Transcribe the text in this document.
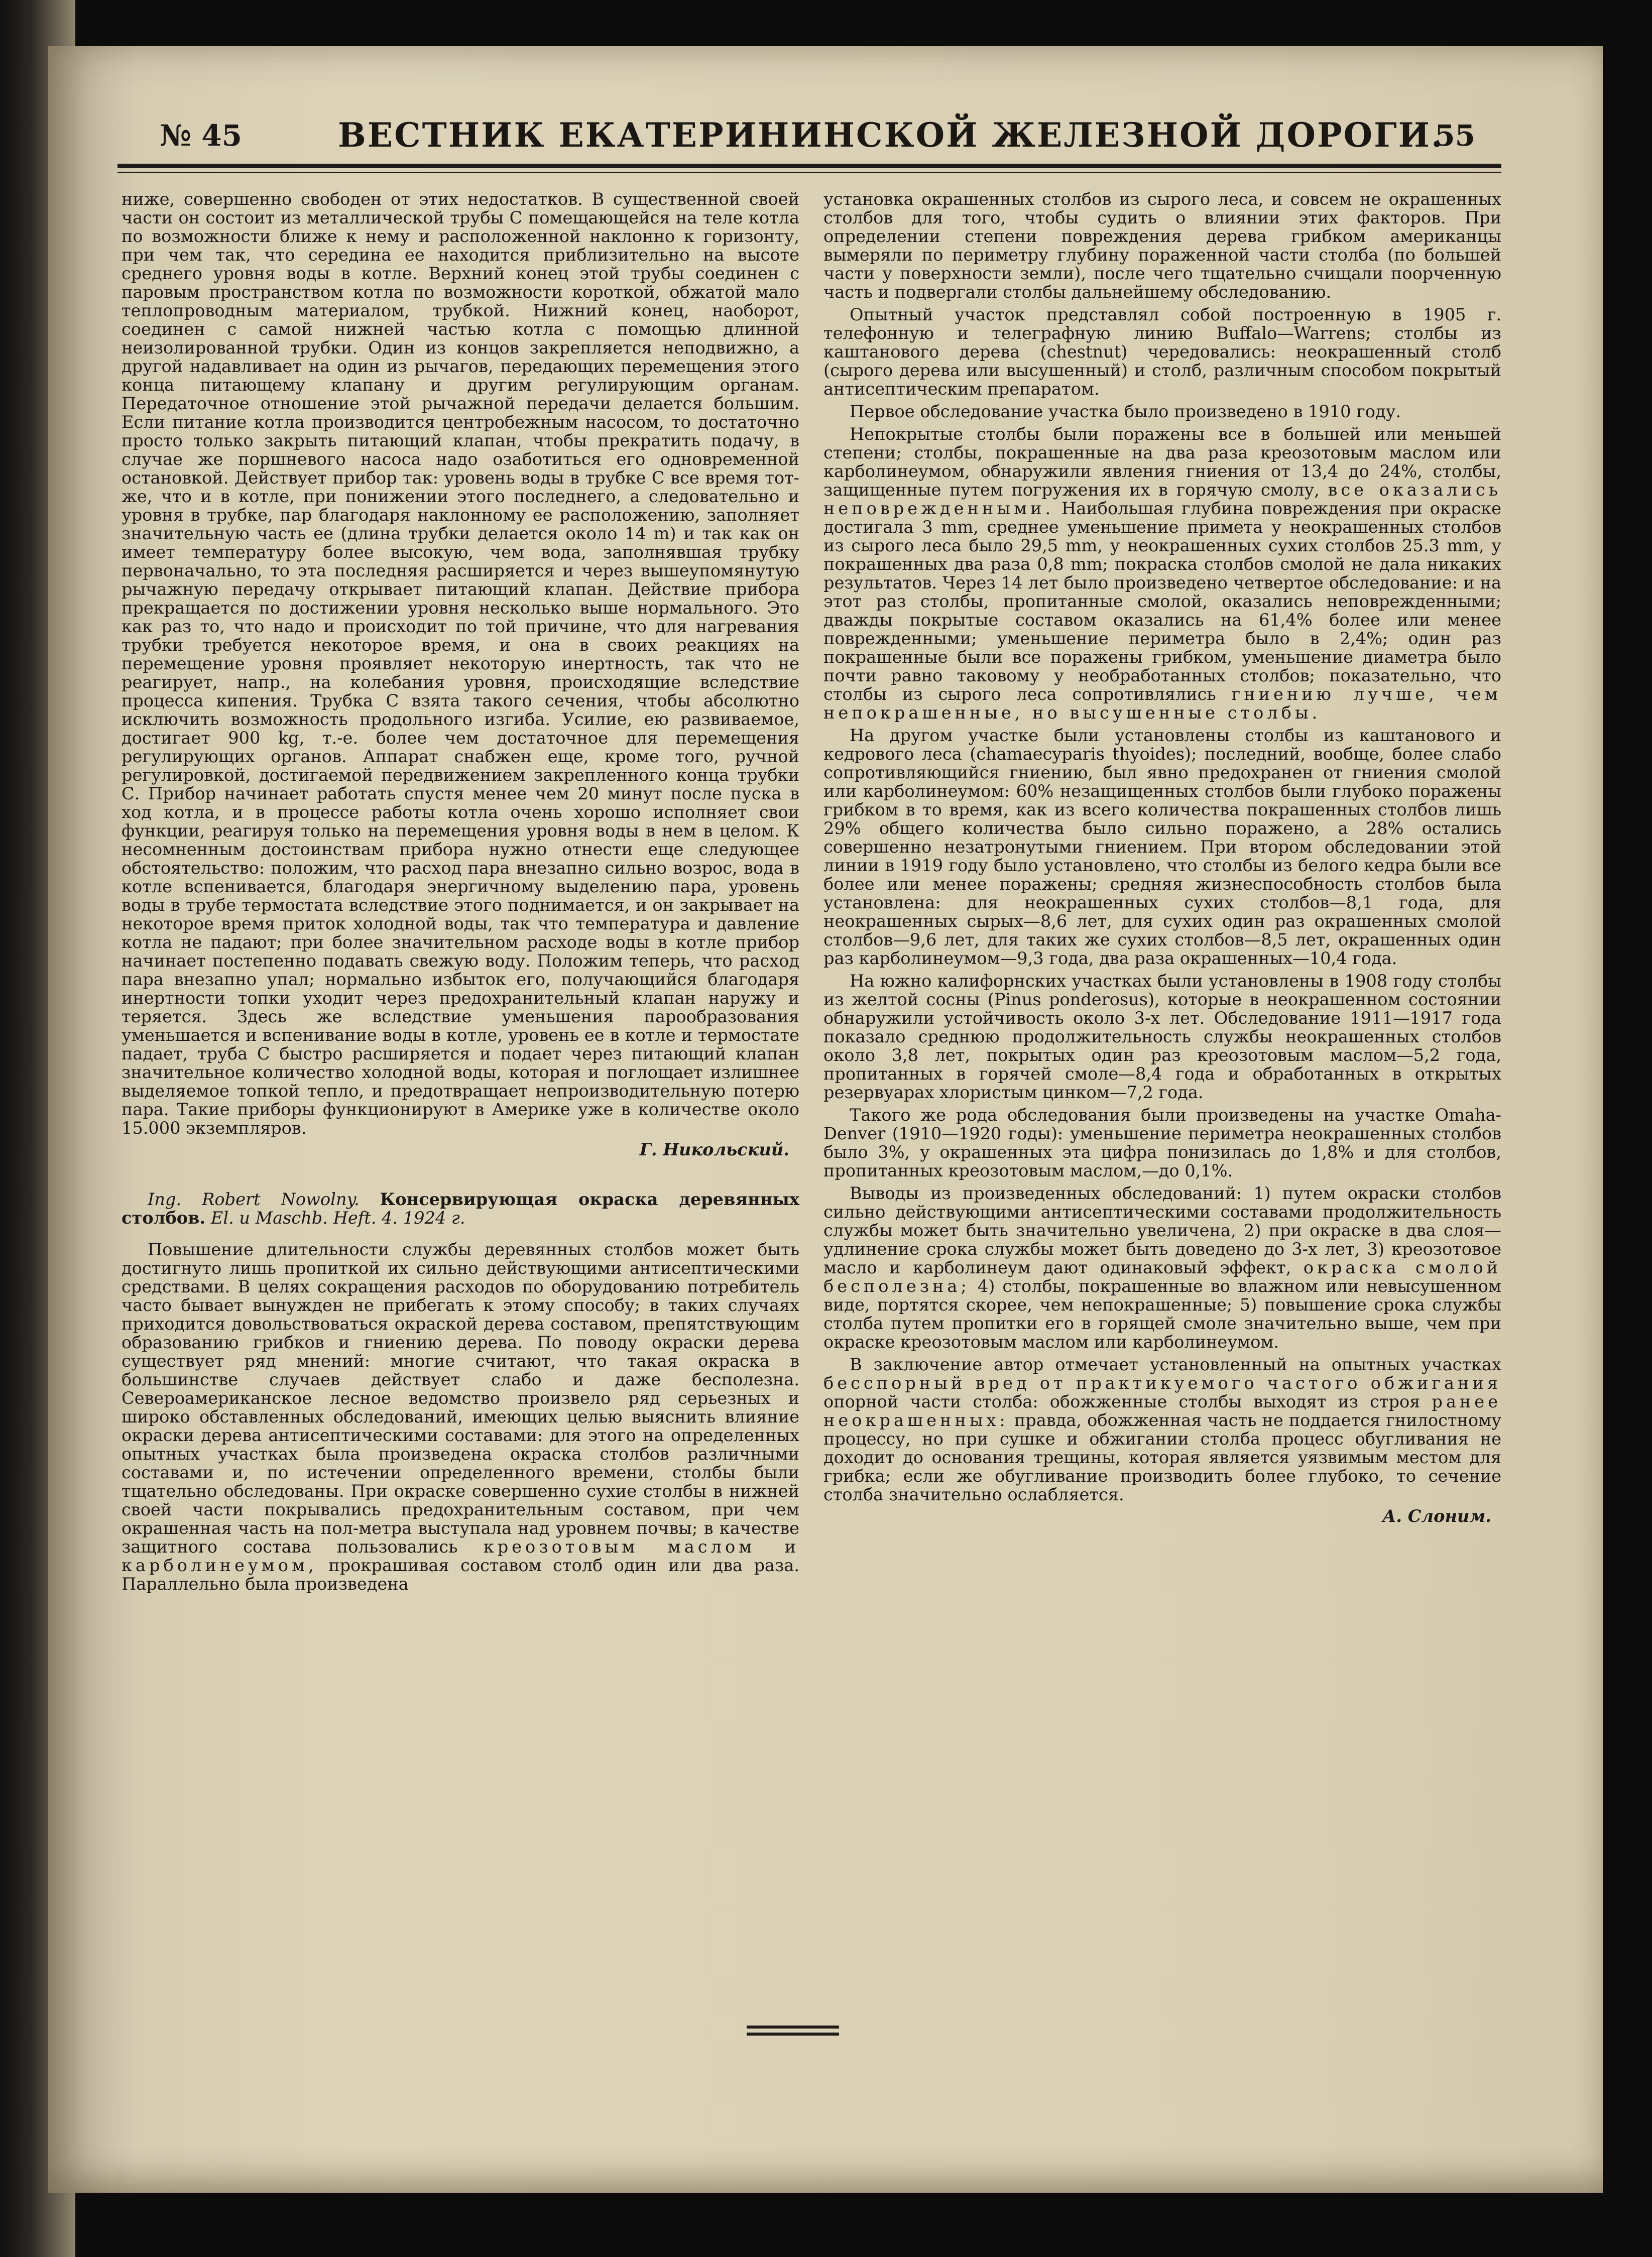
№ 45	ВЕСТНИК ЕКАТЕРИНИНСКОЙ ЖЕЛЕЗНОЙ ДОРОГИ.
55

ниже, совершенно свободен от этих недостатков. В существенной своей части он состоит из металлической трубы С помещающейся на теле котла по возможности ближе к нему и расположенной наклонно к горизонту, при чем так, что середина ее находится приблизительно на высоте среднего уровня воды в котле. Верхний конец этой трубы соединен с паровым пространством котла по возможности короткой, обжатой мало теплопроводным материалом, трубкой. Нижний конец, наоборот, соединен с самой нижней частью котла с помощью длинной неизолированной трубки. Один из концов закрепляется неподвижно, а другой надавливает на один из рычагов, передающих перемещения этого конца питающему клапану и другим регулирующим органам. Передаточное отношение этой рычажной передачи делается большим. Если питание котла производится центробежным насосом, то достаточно просто только закрыть питающий клапан, чтобы прекратить подачу, в случае же поршневого насоса надо озаботиться его одновременной остановкой. Действует прибор так: уровень воды в трубке С все время тот-же, что и в котле, при понижении этого последнего, а следовательно и уровня в трубке, пар благодаря наклонному ее расположению, заполняет значительную часть ее (длина трубки делается около 14 m) и так как он имеет температуру более высокую, чем вода, заполнявшая трубку первоначально, то эта последняя расширяется и через вышеупомянутую рычажную передачу открывает питающий клапан. Действие прибора прекращается по достижении уровня несколько выше нормального. Это как раз то, что надо и происходит по той причине, что для нагревания трубки требуется некоторое время, и она в своих реакциях на перемещение уровня проявляет некоторую инертность, так что не реагирует, напр., на колебания уровня, происходящие вследствие процесса кипения. Трубка С взята такого сечения, чтобы абсолютно исключить возможность продольного изгиба. Усилие, ею развиваемое, достигает 900 kg, т.-е. более чем достаточное для перемещения регулирующих органов. Аппарат снабжен еще, кроме того, ручной регулировкой, достигаемой передвижением закрепленного конца трубки С. Прибор начинает работать спустя менее чем 20 минут после пуска в ход котла, и в процессе работы котла очень хорошо исполняет свои функции, реагируя только на перемещения уровня воды в нем в целом. К несомненным достоинствам прибора нужно отнести еще следующее обстоятельство: положим, что расход пара внезапно сильно возрос, вода в котле вспенивается, благодаря энергичному выделению пара, уровень воды в трубе термостата вследствие этого поднимается, и он закрывает на некоторое время приток холодной воды, так что температура и давление котла не падают; при более значительном расходе воды в котле прибор начинает постепенно подавать свежую воду. Положим теперь, что расход пара внезапно упал; нормально избыток его, получающийся благодаря инертности топки уходит через предохранительный клапан наружу и теряется. Здесь же вследствие уменьшения парообразования уменьшается и вспенивание воды в котле, уровень ее в котле и термостате падает, труба С быстро расширяется и подает через питающий клапан значительное количество холодной воды, которая и поглощает излишнее выделяемое топкой тепло, и предотвращает непроизводительную потерю пара. Такие приборы функционируют в Америке уже в количестве около 15.000 экземпляров.

Г. Никольский.

Ing. Robert Nowolny. Консервирующая окраска деревянных столбов. El. u Maschb. Heft. 4. 1924 г.

Повышение длительности службы деревянных столбов может быть достигнуто лишь пропиткой их сильно действующими антисептическими средствами. В целях сокращения расходов по оборудованию потребитель часто бывает вынужден не прибегать к этому способу; в таких случаях приходится довольствоваться окраской дерева составом, препятствующим образованию грибков и гниению дерева. По поводу окраски дерева существует ряд мнений: многие считают, что такая окраска в большинстве случаев действует слабо и даже бесполезна. Североамериканское лесное ведомство произвело ряд серьезных и широко обставленных обследований, имеющих целью выяснить влияние окраски дерева антисептическими составами: для этого на определенных опытных участках была произведена окраска столбов различными составами и, по истечении определенного времени, столбы были тщательно обследованы. При окраске совершенно сухие столбы в нижней своей части покрывались предохранительным составом, при чем окрашенная часть на пол-метра выступала над уровнем почвы; в качестве защитного состава пользовались креозотовым маслом и карболинеумом, прокрашивая составом столб один или два раза. Параллельно была произведена

установка окрашенных столбов из сырого леса, и совсем не окрашенных столбов для того, чтобы судить о влиянии этих факторов. При определении степени повреждения дерева грибком американцы вымеряли по периметру глубину пораженной части столба (по большей части у поверхности земли), после чего тщательно счищали поорченную часть и подвергали столбы дальнейшему обследованию.

Опытный участок представлял собой построенную в 1905 г. телефонную и телеграфную линию Buffalo—Warrens; столбы из каштанового дерева (chestnut) чередовались: неокрашенный столб (сырого дерева или высушенный) и столб, различным способом покрытый антисептическим препаратом.

Первое обследование участка было произведено в 1910 году.

Непокрытые столбы были поражены все в большей или меньшей степени; столбы, покрашенные на два раза креозотовым маслом или карболинеумом, обнаружили явления гниения от 13,4 до 24%, столбы, защищенные путем погружения их в горячую смолу, все оказались неповрежденными. Наибольшая глубина повреждения при окраске достигала 3 mm, среднее уменьшение примета у неокрашенных столбов из сырого леса было 29,5 mm, у неокрашенных сухих столбов 25.3 mm, у покрашенных два раза 0,8 mm; покраска столбов смолой не дала никаких результатов. Через 14 лет было произведено четвертое обследование: и на этот раз столбы, пропитанные смолой, оказались неповрежденными; дважды покрытые составом оказались на 61,4% более или менее поврежденными; уменьшение периметра было в 2,4%; один раз покрашенные были все поражены грибком, уменьшение диаметра было почти равно таковому у необработанных столбов; показательно, что столбы из сырого леса сопротивлялись гниению лучше, чем непокрашенные, но высушенные столбы.

На другом участке были установлены столбы из каштанового и кедрового леса (chamaecyparis thyoides); последний, вообще, более слабо сопротивляющийся гниению, был явно предохранен от гниения смолой или карболинеумом: 60% незащищенных столбов были глубоко поражены грибком в то время, как из всего количества покрашенных столбов лишь 29% общего количества было сильно поражено, а 28% остались совершенно незатронутыми гниением. При втором обследовании этой линии в 1919 году было установлено, что столбы из белого кедра были все более или менее поражены; средняя жизнеспособность столбов была установлена: для неокрашенных сухих столбов—8,1 года, для неокрашенных сырых—8,6 лет, для сухих один раз окрашенных смолой столбов—9,6 лет, для таких же сухих столбов—8,5 лет, окрашенных один раз карболинеумом—9,3 года, два раза окрашенных—10,4 года.

На южно калифорнских участках были установлены в 1908 году столбы из желтой сосны (Pinus ponderosus), которые в неокрашенном состоянии обнаружили устойчивость около 3-х лет. Обследование 1911—1917 года показало среднюю продолжительность службы неокрашенных столбов около 3,8 лет, покрытых один раз креозотовым маслом—5,2 года, пропитанных в горячей смоле—8,4 года и обработанных в открытых резервуарах хлористым цинком—7,2 года.

Такого же рода обследования были произведены на участке Omaha-Denver (1910—1920 годы): уменьшение периметра неокрашенных столбов было 3%, у окрашенных эта цифра понизилась до 1,8% и для столбов, пропитанных креозотовым маслом,—до 0,1%.

Выводы из произведенных обследований: 1) путем окраски столбов сильно действующими антисептическими составами продолжительность службы может быть значительно увеличена, 2) при окраске в два слоя—удлинение срока службы может быть доведено до 3-х лет, 3) креозотовое масло и карболинеум дают одинаковый эффект, окраска смолой бесполезна; 4) столбы, покрашенные во влажном или невысушенном виде, портятся скорее, чем непокрашенные; 5) повышение срока службы столба путем пропитки его в горящей смоле значительно выше, чем при окраске креозотовым маслом или карболинеумом.

В заключение автор отмечает установленный на опытных участках бесспорный вред от практикуемого частого обжигания опорной части столба: обожженные столбы выходят из строя ранее неокрашенных: правда, обожженная часть не поддается гнилостному процессу, но при сушке и обжигании столба процесс обугливания не доходит до основания трещины, которая является уязвимым местом для грибка; если же обугливание производить более глубоко, то сечение столба значительно ослабляется.

А. Слоним.
